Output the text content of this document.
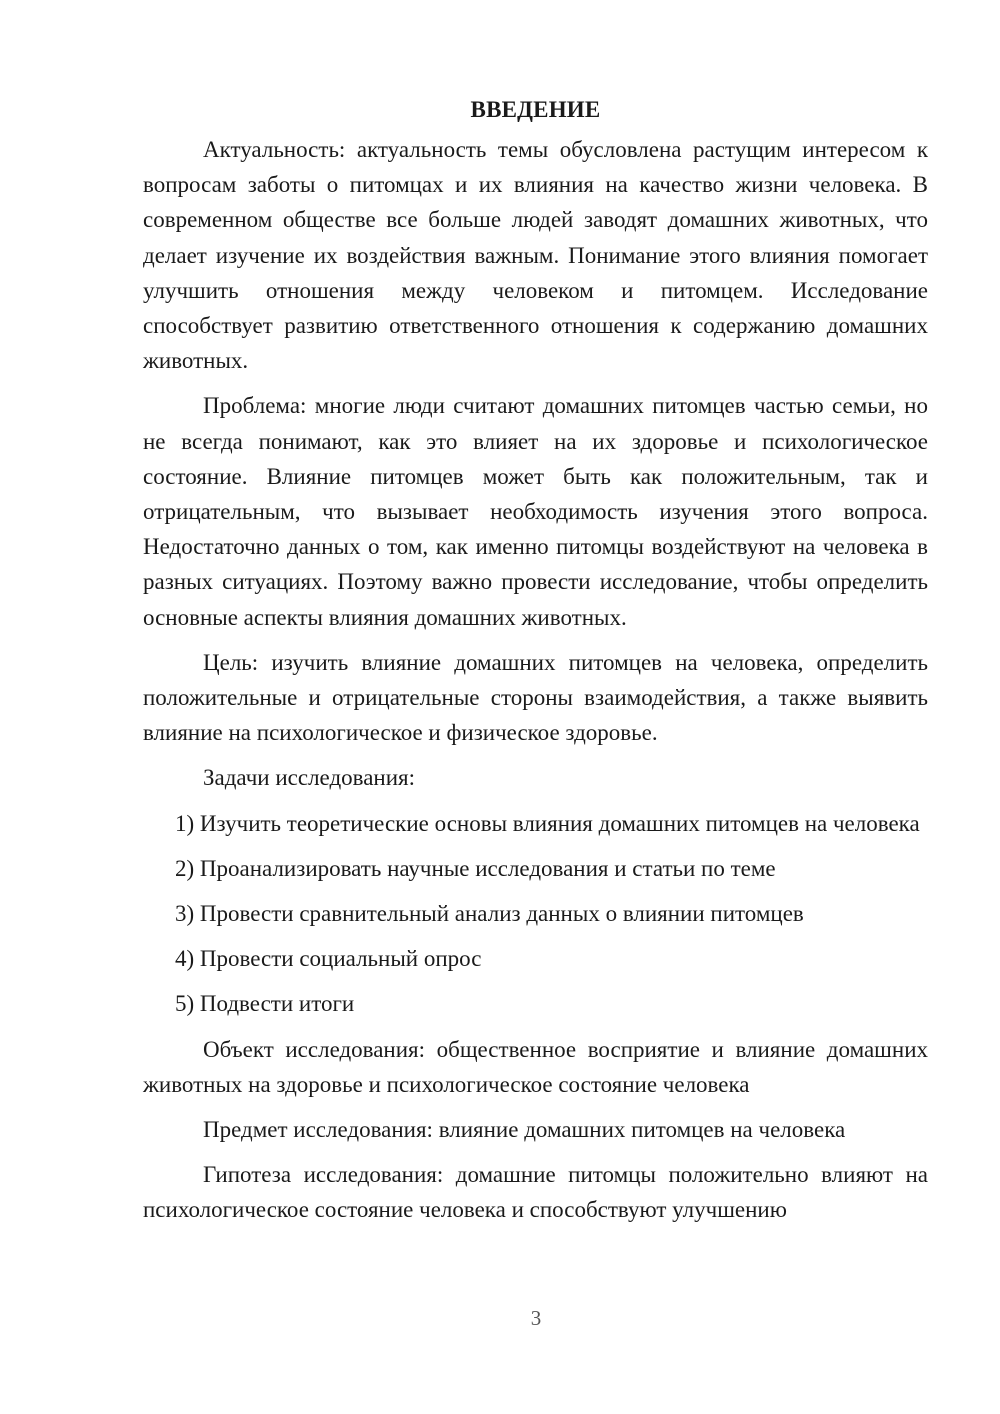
ВВЕДЕНИЕ

Актуальность: актуальность темы обусловлена растущим интересом к вопросам заботы о питомцах и их влияния на качество жизни человека. В современном обществе все больше людей заводят домашних животных, что делает изучение их воздействия важным. Понимание этого влияния помогает улучшить отношения между человеком и питомцем. Исследование способствует развитию ответственного отношения к содержанию домашних животных.

Проблема: многие люди считают домашних питомцев частью семьи, но не всегда понимают, как это влияет на их здоровье и психологическое состояние. Влияние питомцев может быть как положительным, так и отрицательным, что вызывает необходимость изучения этого вопроса. Недостаточно данных о том, как именно питомцы воздействуют на человека в разных ситуациях. Поэтому важно провести исследование, чтобы определить основные аспекты влияния домашних животных.

Цель: изучить влияние домашних питомцев на человека, определить положительные и отрицательные стороны взаимодействия, а также выявить влияние на психологическое и физическое здоровье.

Задачи исследования:

1) Изучить теоретические основы влияния домашних питомцев на человека

2) Проанализировать научные исследования и статьи по теме

3) Провести сравнительный анализ данных о влиянии питомцев

4) Провести социальный опрос

5) Подвести итоги

Объект исследования: общественное восприятие и влияние домашних животных на здоровье и психологическое состояние человека

Предмет исследования: влияние домашних питомцев на человека

Гипотеза исследования: домашние питомцы положительно влияют на психологическое состояние человека и способствуют улучшению

3
